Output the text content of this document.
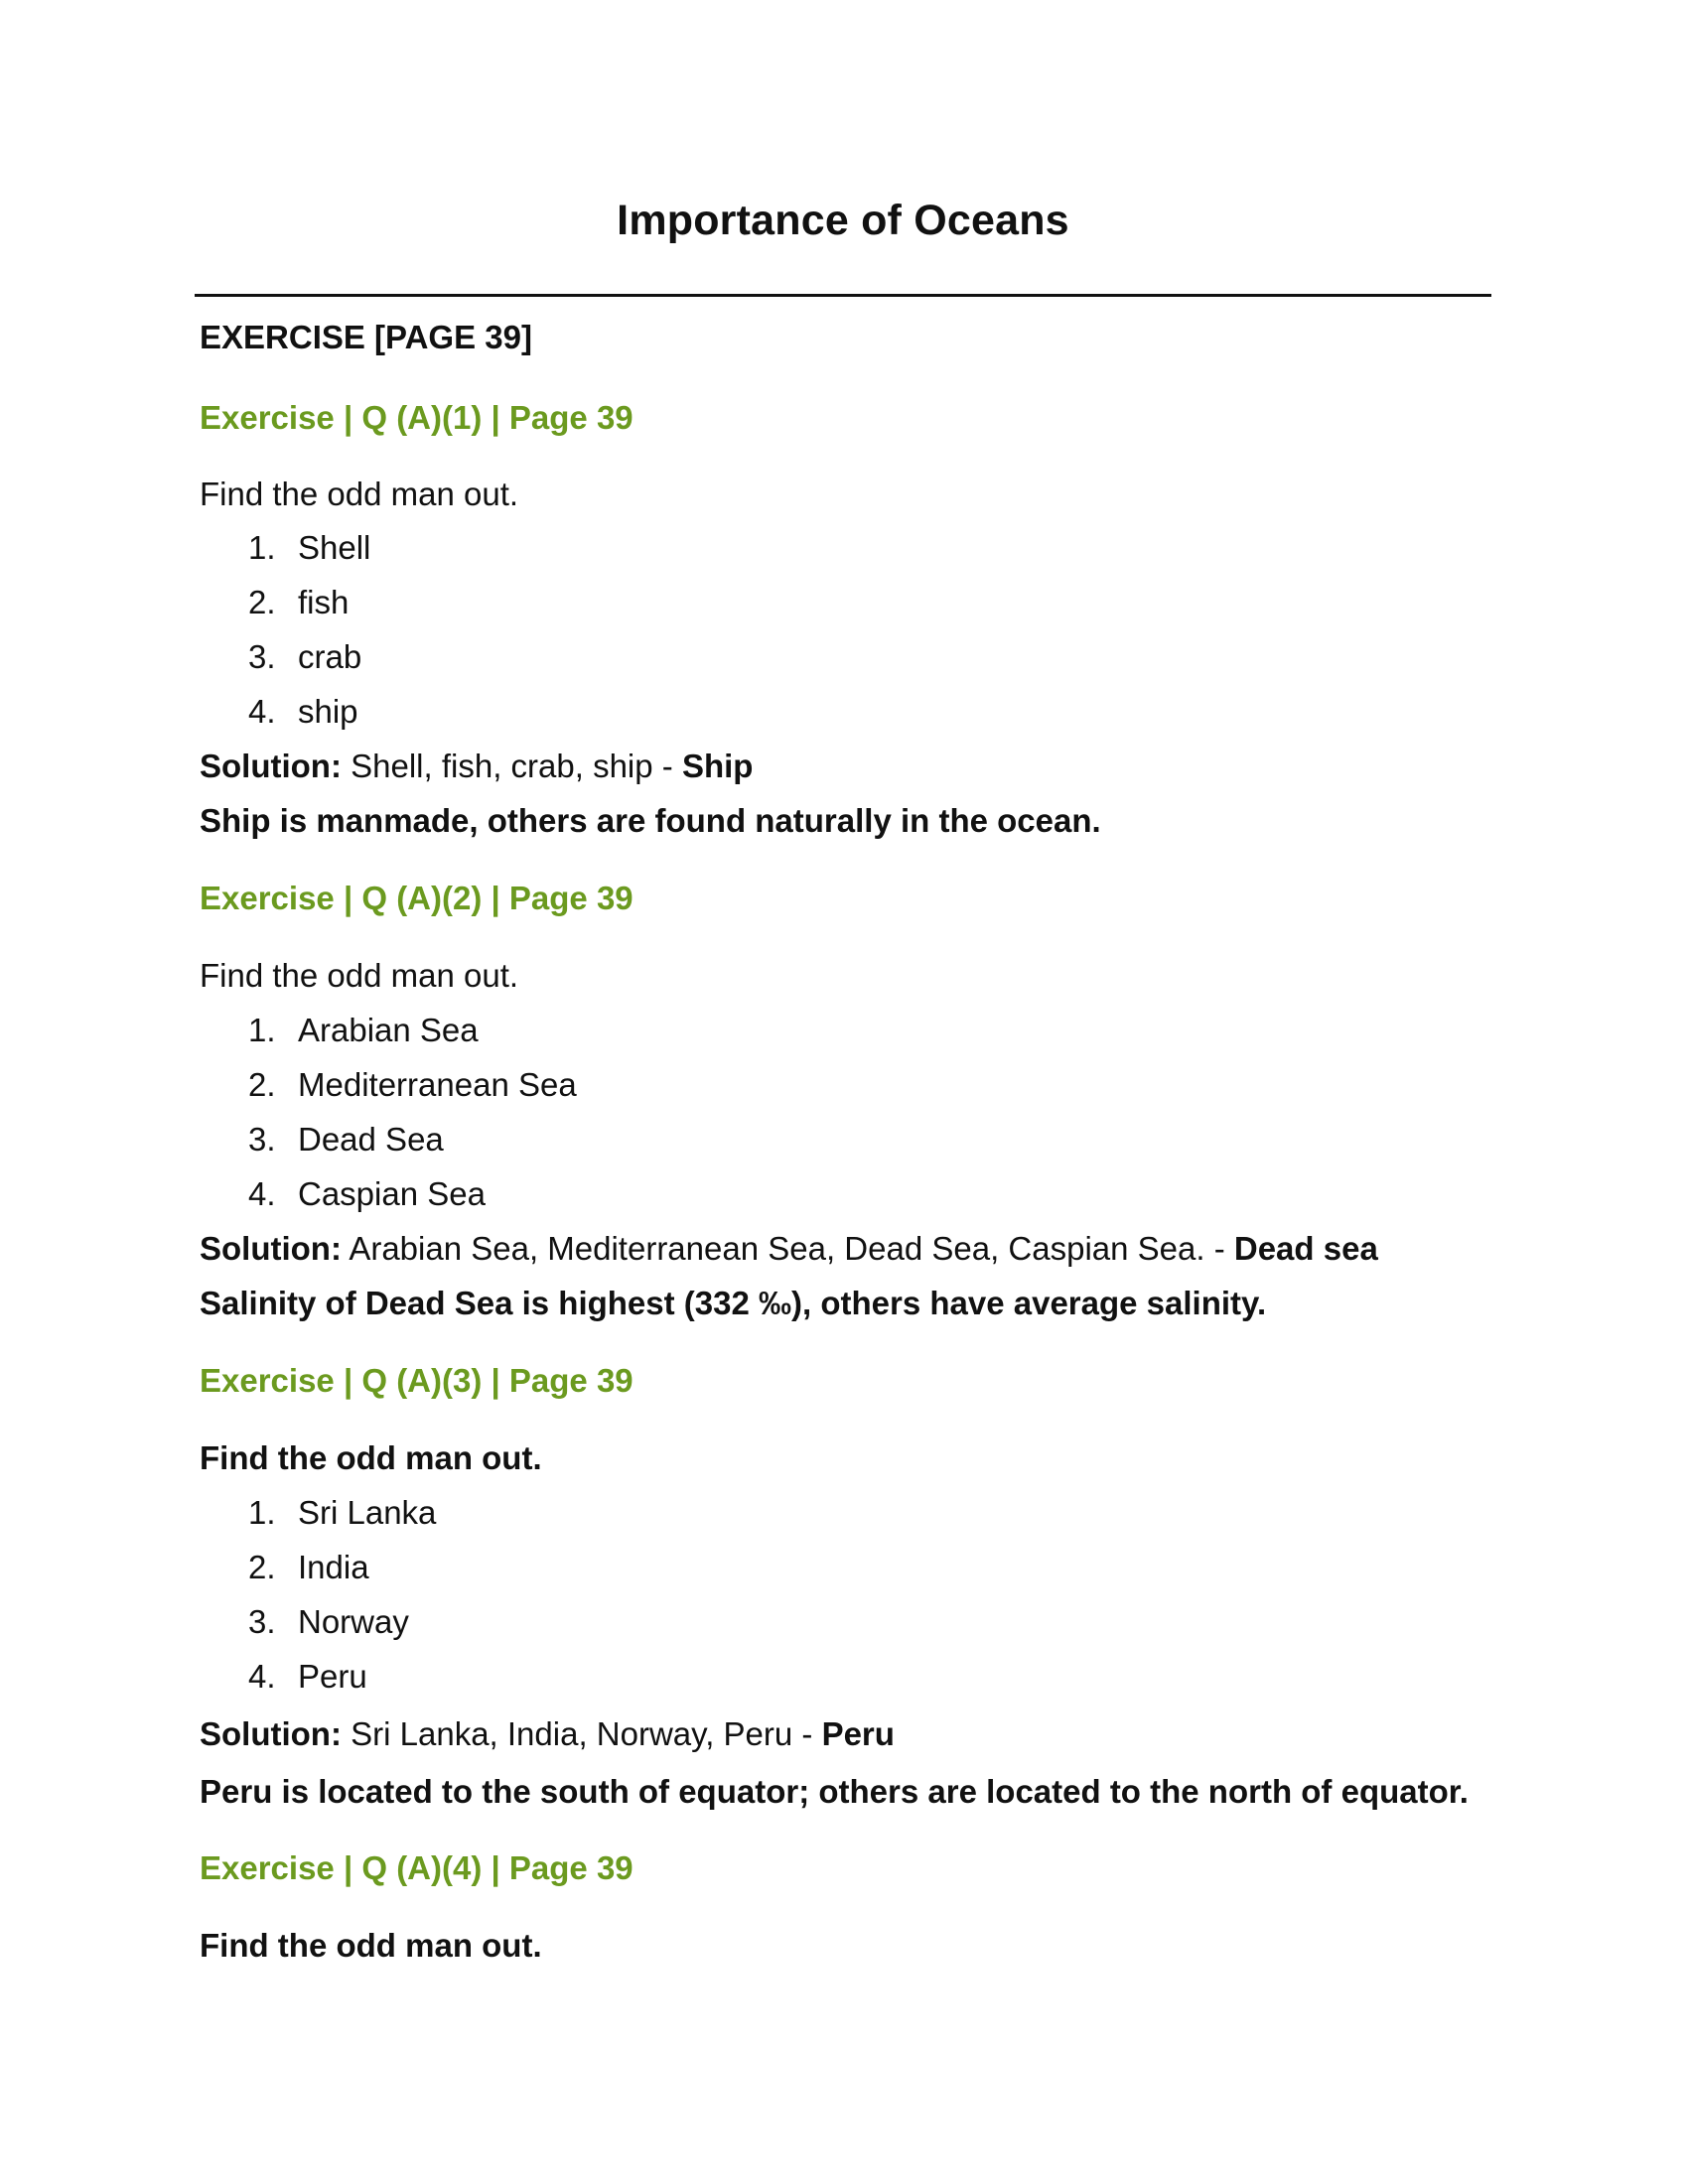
Importance of Oceans

EXERCISE [PAGE 39]

Exercise | Q (A)(1) | Page 39

Find the odd man out.

1. Shell

2. fish

3. crab

4. ship

Solution: Shell, fish, crab, ship - Ship

Ship is manmade, others are found naturally in the ocean.

Exercise | Q (A)(2) | Page 39

Find the odd man out.

1. Arabian Sea

2. Mediterranean Sea

3. Dead Sea

4. Caspian Sea

Solution: Arabian Sea, Mediterranean Sea, Dead Sea, Caspian Sea. - Dead sea

Salinity of Dead Sea is highest (332 ‰), others have average salinity.

Exercise | Q (A)(3) | Page 39

Find the odd man out.

1. Sri Lanka

2. India

3. Norway

4. Peru

Solution: Sri Lanka, India, Norway, Peru - Peru

Peru is located to the south of equator; others are located to the north of equator.

Exercise | Q (A)(4) | Page 39

Find the odd man out.
